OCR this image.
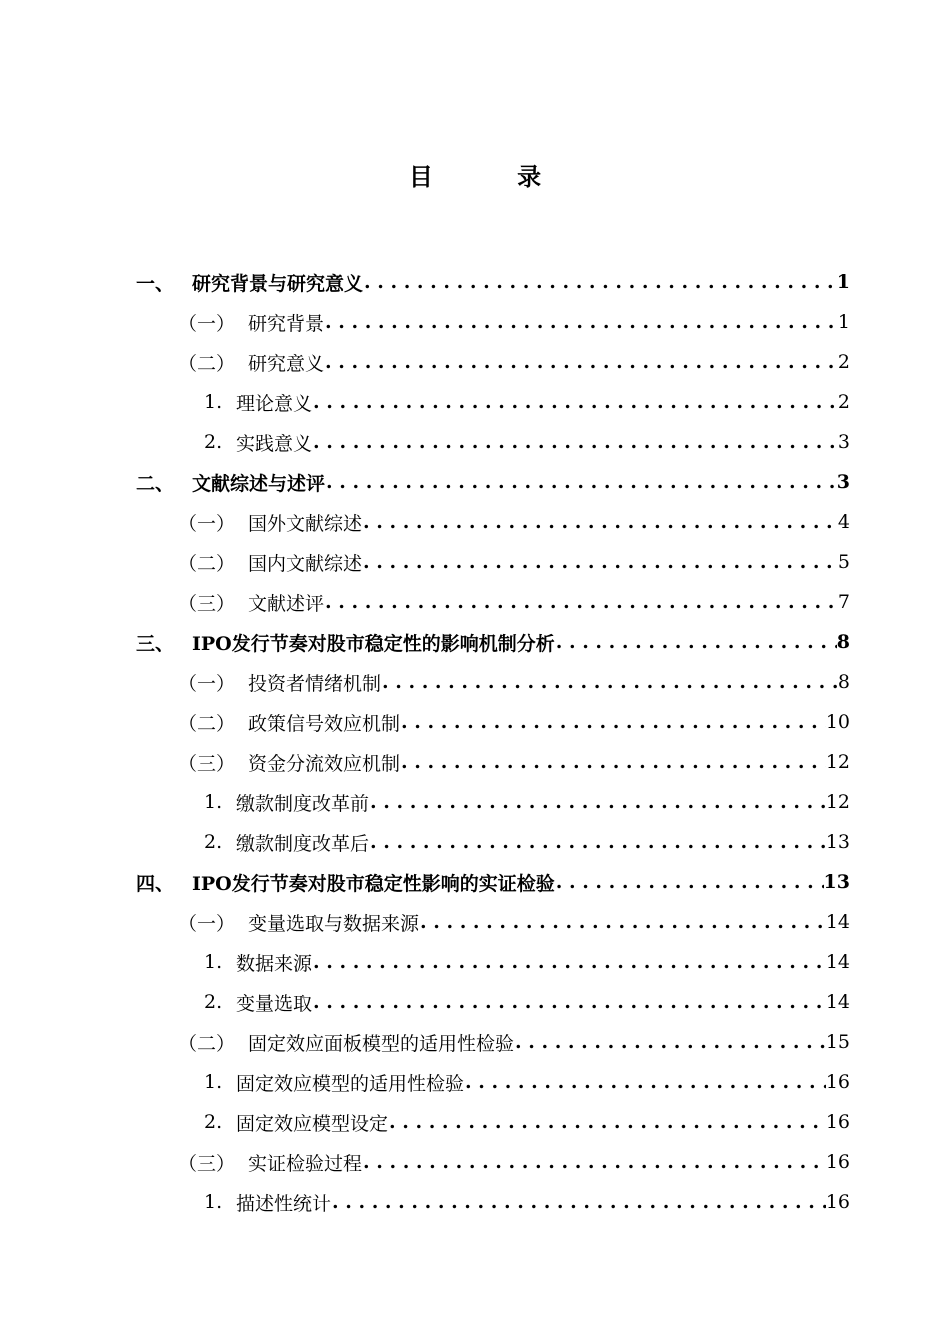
目 录
一、 研究背景与研究意义 . . .	1
（一） 研究背景 . . .	1
（二） 研究意义 . . .	2
1. 理论意义 . . .	2
2. 实践意义 . . .	3
二、 文献综述与述评 . . .	3
（一） 国外文献综述 . . .	4
（二） 国内文献综述 . . .	5
（三） 文献述评 . . .	7
三、 IPO发行节奏对股市稳定性的影响机制分析 . . .	8
（一） 投资者情绪机制 . . .	8
（二） 政策信号效应机制 . . .	10
（三） 资金分流效应机制 . . .	12
1. 缴款制度改革前 . . .	12
2. 缴款制度改革后 . . .	13
四、 IPO发行节奏对股市稳定性影响的实证检验 . . .	13
（一） 变量选取与数据来源 . . .	14
1. 数据来源 . . .	14
2. 变量选取 . . .	14
（二） 固定效应面板模型的适用性检验 . . .	15
1. 固定效应模型的适用性检验 . . .	16
2. 固定效应模型设定 . . .	16
（三） 实证检验过程 . . .	16
1. 描述性统计 . . .	16
